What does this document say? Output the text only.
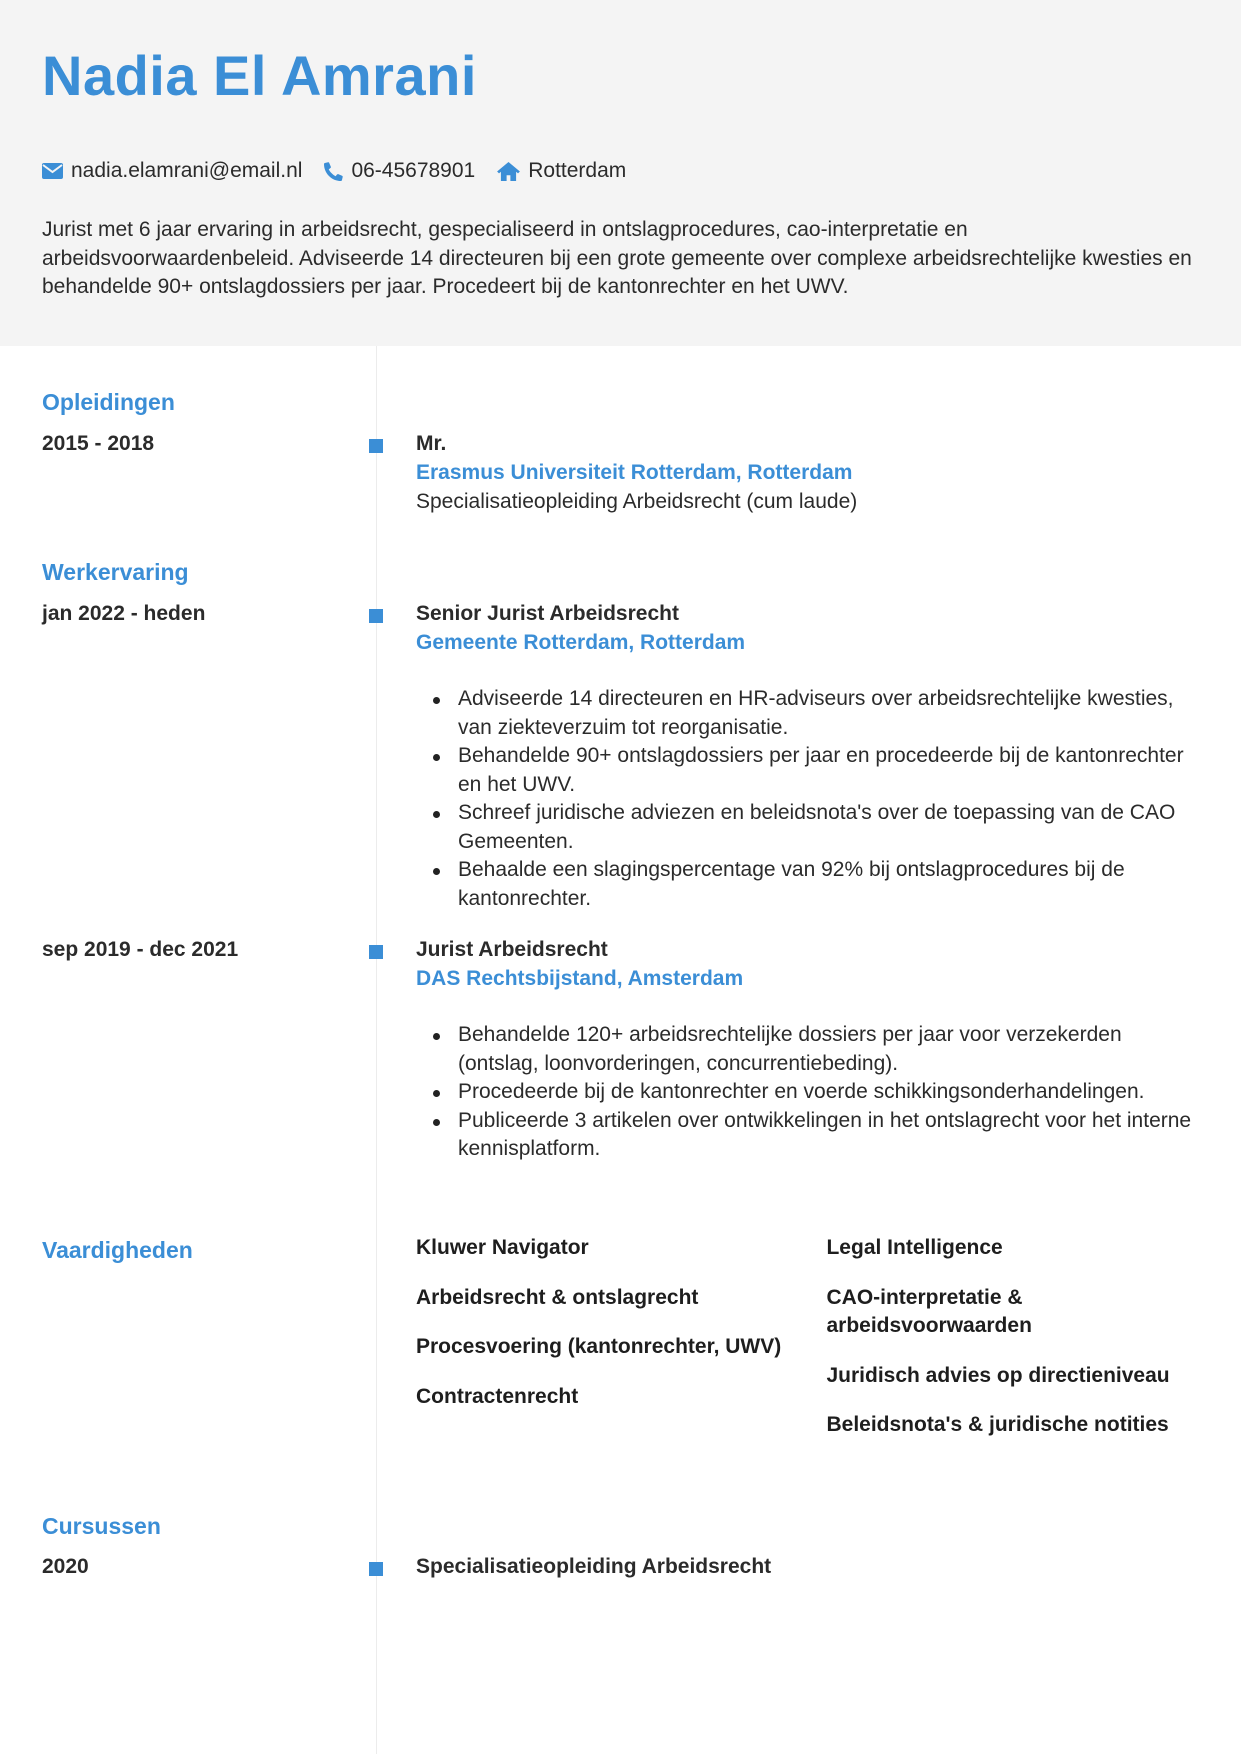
Nadia El Amrani
nadia.elamrani@email.nl 06-45678901	Rotterdam
Jurist met 6 jaar ervaring in arbeidsrecht, gespecialiseerd in ontslagprocedures, cao-interpretatie en arbeidsvoorwaardenbeleid. Adviseerde 14 directeuren bij een grote gemeente over complexe arbeidsrechtelijke kwesties en behandelde 90+ ontslagdossiers per jaar. Procedeert bij de kantonrechter en het UWV.
Opleidingen
2015 - 2018	Mr.
Erasmus Universiteit Rotterdam, Rotterdam
Specialisatieopleiding Arbeidsrecht (cum laude)
Werkervaring
jan 2022 - heden	Senior Jurist Arbeidsrecht
Gemeente Rotterdam, Rotterdam
Adviseerde 14 directeuren en HR-adviseurs over arbeidsrechtelijke kwesties, van ziekteverzuim tot reorganisatie.
Behandelde 90+ ontslagdossiers per jaar en procedeerde bij de kantonrechter en het UWV.
Schreef juridische adviezen en beleidsnota's over de toepassing van de CAO Gemeenten.
Behaalde een slagingspercentage van 92% bij ontslagprocedures bij de kantonrechter.
sep 2019 - dec 2021	Jurist Arbeidsrecht
DAS Rechtsbijstand, Amsterdam
Behandelde 120+ arbeidsrechtelijke dossiers per jaar voor verzekerden (ontslag, loonvorderingen, concurrentiebeding).
Procedeerde bij de kantonrechter en voerde schikkingsonderhandelingen.
Publiceerde 3 artikelen over ontwikkelingen in het ontslagrecht voor het interne kennisplatform.
Vaardigheden	Kluwer Navigator
Arbeidsrecht & ontslagrecht
Procesvoering (kantonrechter, UWV)
Contractenrecht
Legal Intelligence
CAO-interpretatie & arbeidsvoorwaarden
Juridisch advies op directieniveau
Beleidsnota's & juridische notities
Cursussen
2020	Specialisatieopleiding Arbeidsrecht
